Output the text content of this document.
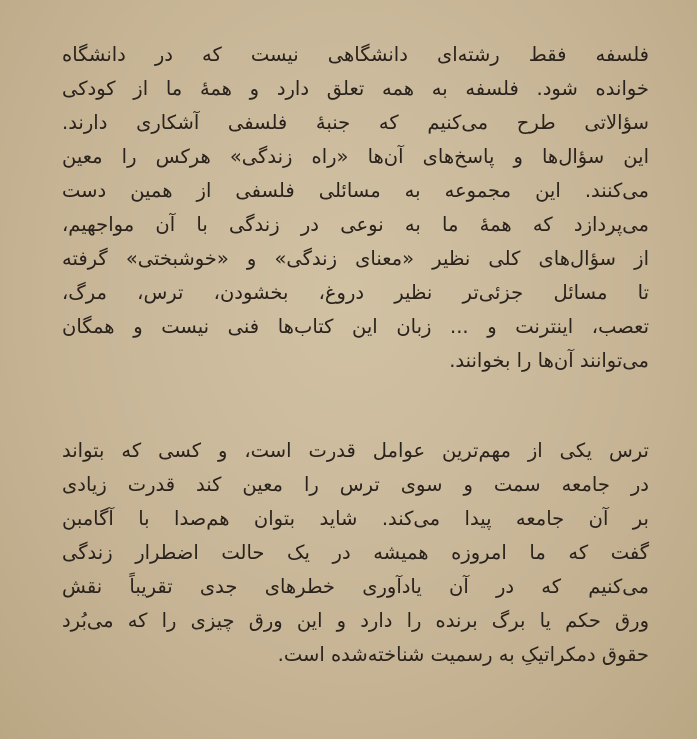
فلسفه فقط رشته‌ای دانشگاهی نیست که در دانشگاه
خوانده شود. فلسفه به همه تعلق دارد و همهٔ ما از کودکی
سؤالاتی طرح می‌کنیم که جنبهٔ فلسفی آشکاری دارند.
این سؤال‌ها و پاسخ‌های آن‌ها «راه زندگی» هرکس را معین
می‌کنند. این مجموعه به مسائلی فلسفی از همین دست
می‌پردازد که همهٔ ما به نوعی در زندگی با آن مواجهیم،
از سؤال‌های کلی نظیر «معنای زندگی» و «خوشبختی» گرفته
تا مسائل جزئی‌تر نظیر دروغ، بخشودن، ترس، مرگ،
تعصب، اینترنت و ... زبان این کتاب‌ها فنی نیست و همگان
می‌توانند آن‌ها را بخوانند.
ترس یکی از مهم‌ترین عوامل قدرت است، و کسی که بتواند
در جامعه سمت و سوی ترس را معین کند قدرت زیادی
بر آن جامعه پیدا می‌کند. شاید بتوان هم‌صدا با آگامبن
گفت که ما امروزه همیشه در یک حالت اضطرار زندگی
می‌کنیم که در آن یادآوری خطرهای جدی تقریباً نقش
ورق حکم یا برگ برنده را دارد و این ورق چیزی را که می‌بُرد
حقوق دمکراتیکِ به رسمیت شناخته‌شده است.
